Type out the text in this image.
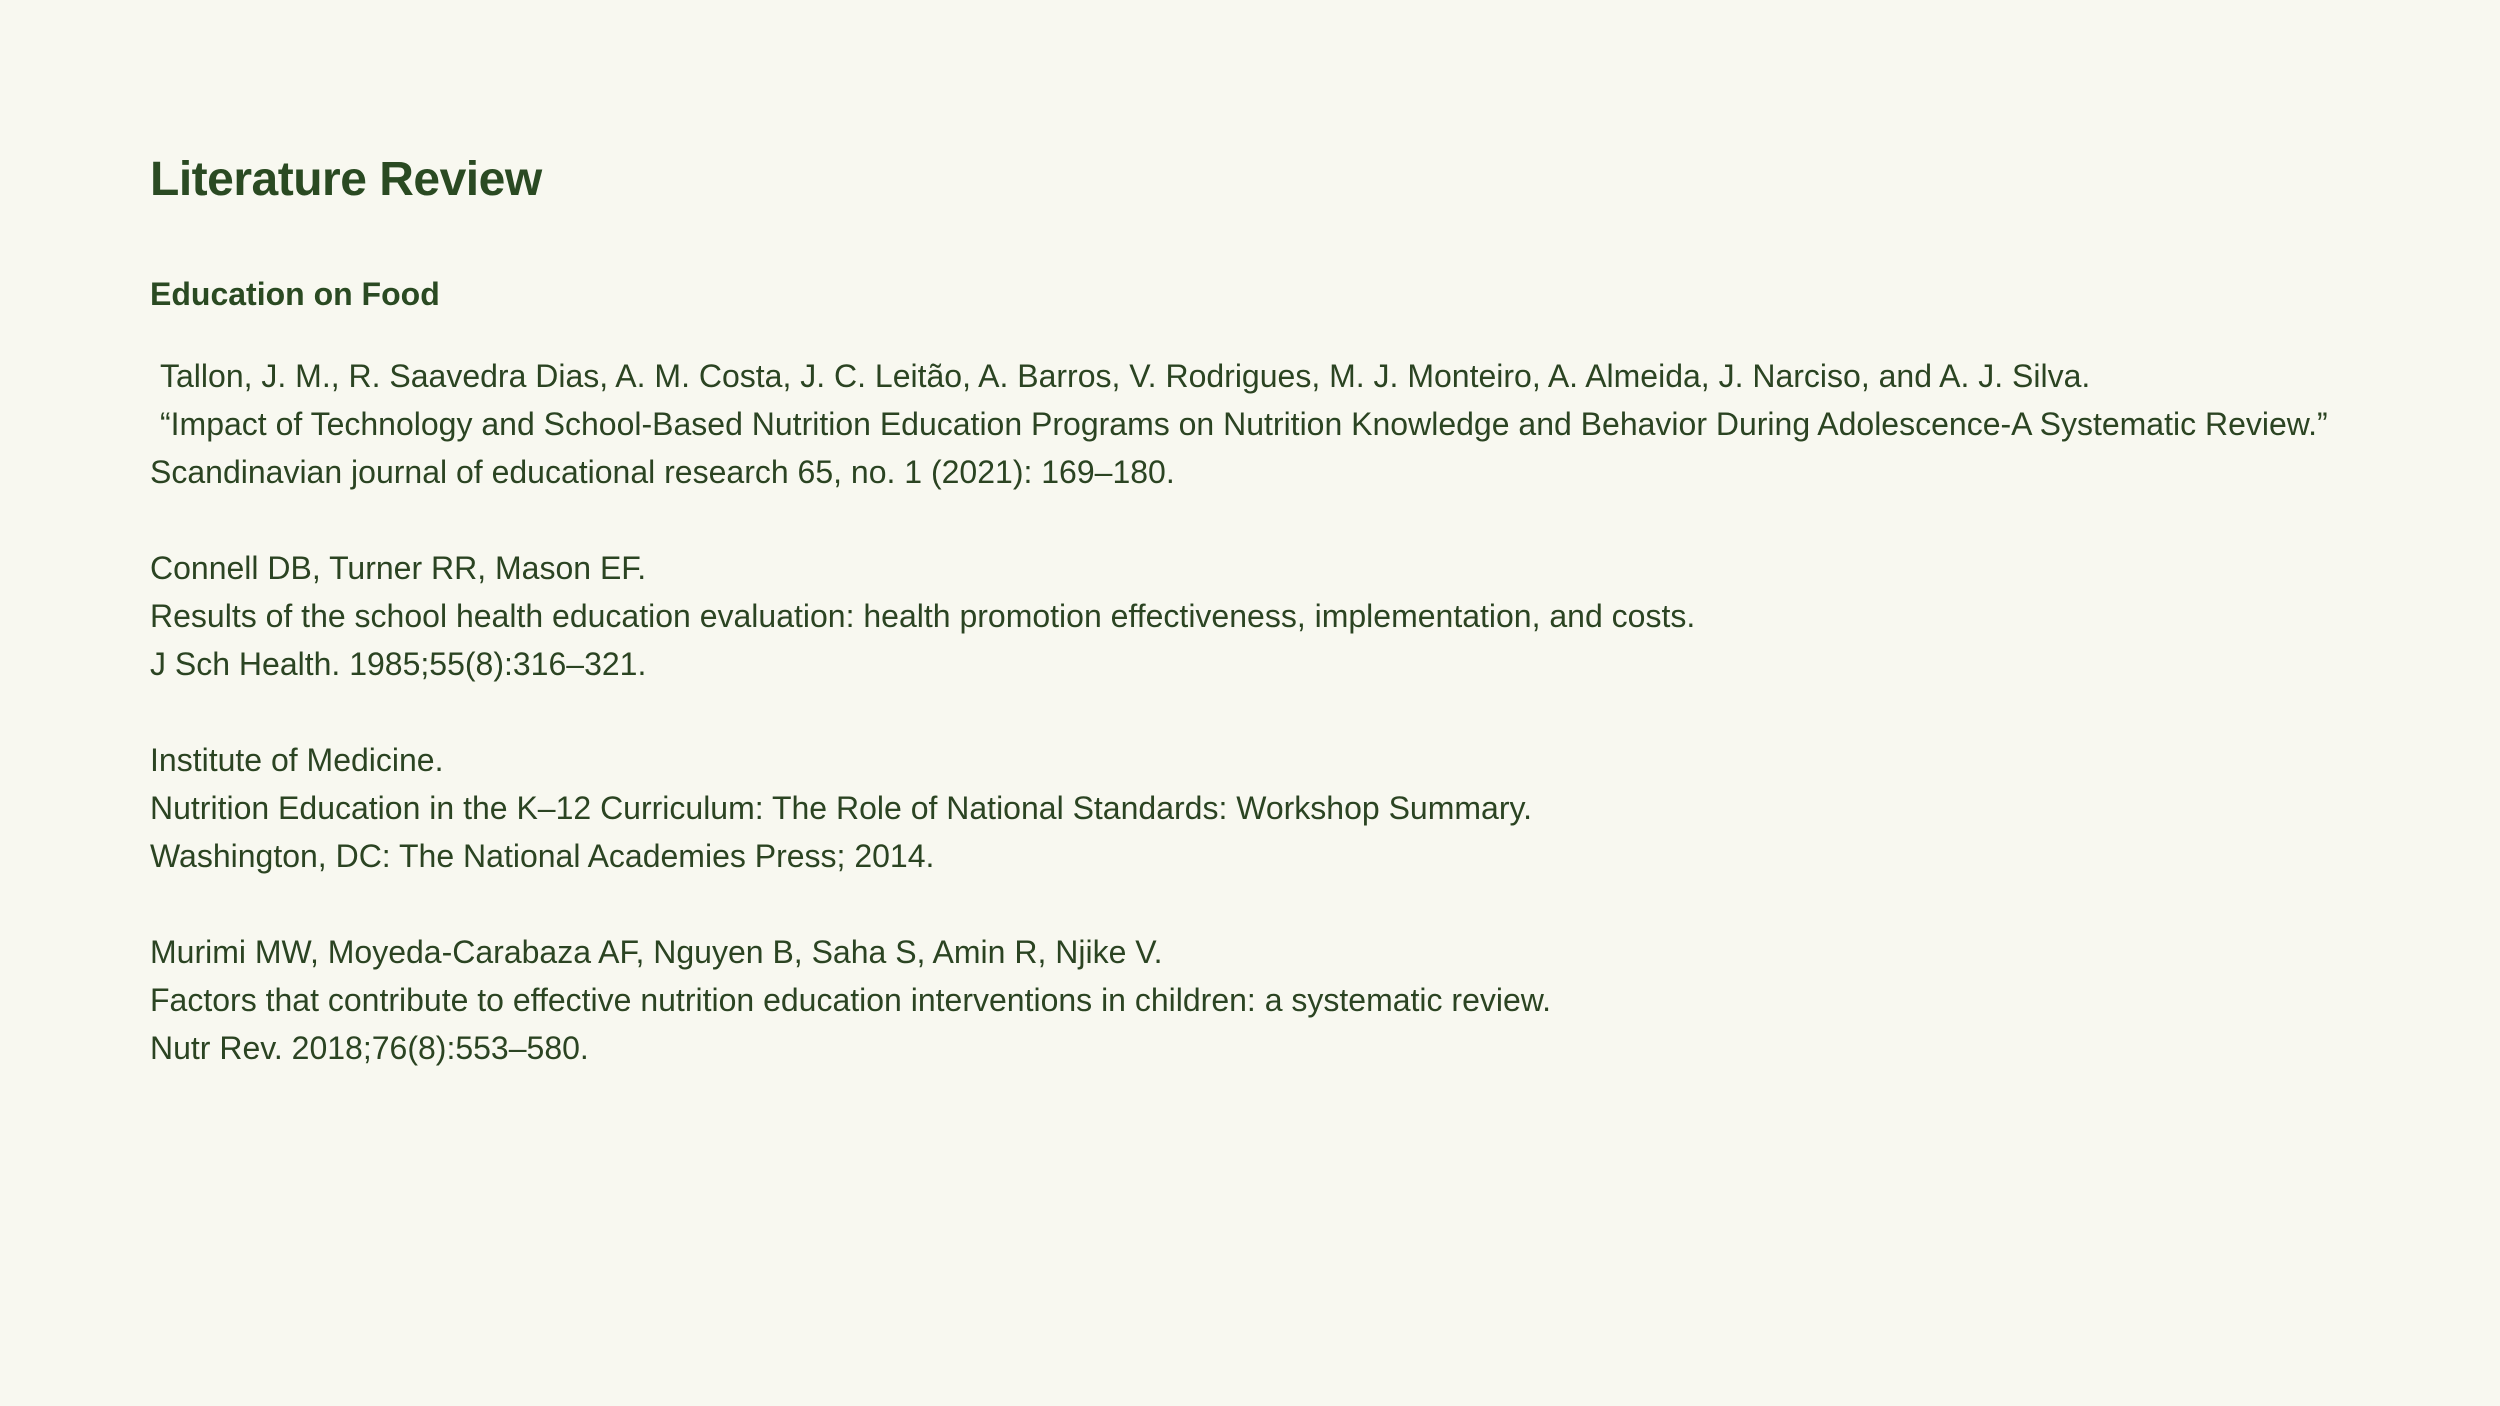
Literature Review
Education on Food
Tallon, J. M., R. Saavedra Dias, A. M. Costa, J. C. Leitão, A. Barros, V. Rodrigues, M. J. Monteiro, A. Almeida, J. Narciso, and A. J. Silva.
“Impact of Technology and School-Based Nutrition Education Programs on Nutrition Knowledge and Behavior During Adolescence-A Systematic Review.”
Scandinavian journal of educational research 65, no. 1 (2021): 169–180.
Connell DB, Turner RR, Mason EF.
Results of the school health education evaluation: health promotion effectiveness, implementation, and costs.
J Sch Health. 1985;55(8):316–321.
Institute of Medicine.
Nutrition Education in the K–12 Curriculum: The Role of National Standards: Workshop Summary.
Washington, DC: The National Academies Press; 2014.
Murimi MW, Moyeda-Carabaza AF, Nguyen B, Saha S, Amin R, Njike V.
Factors that contribute to effective nutrition education interventions in children: a systematic review.
Nutr Rev. 2018;76(8):553–580.
